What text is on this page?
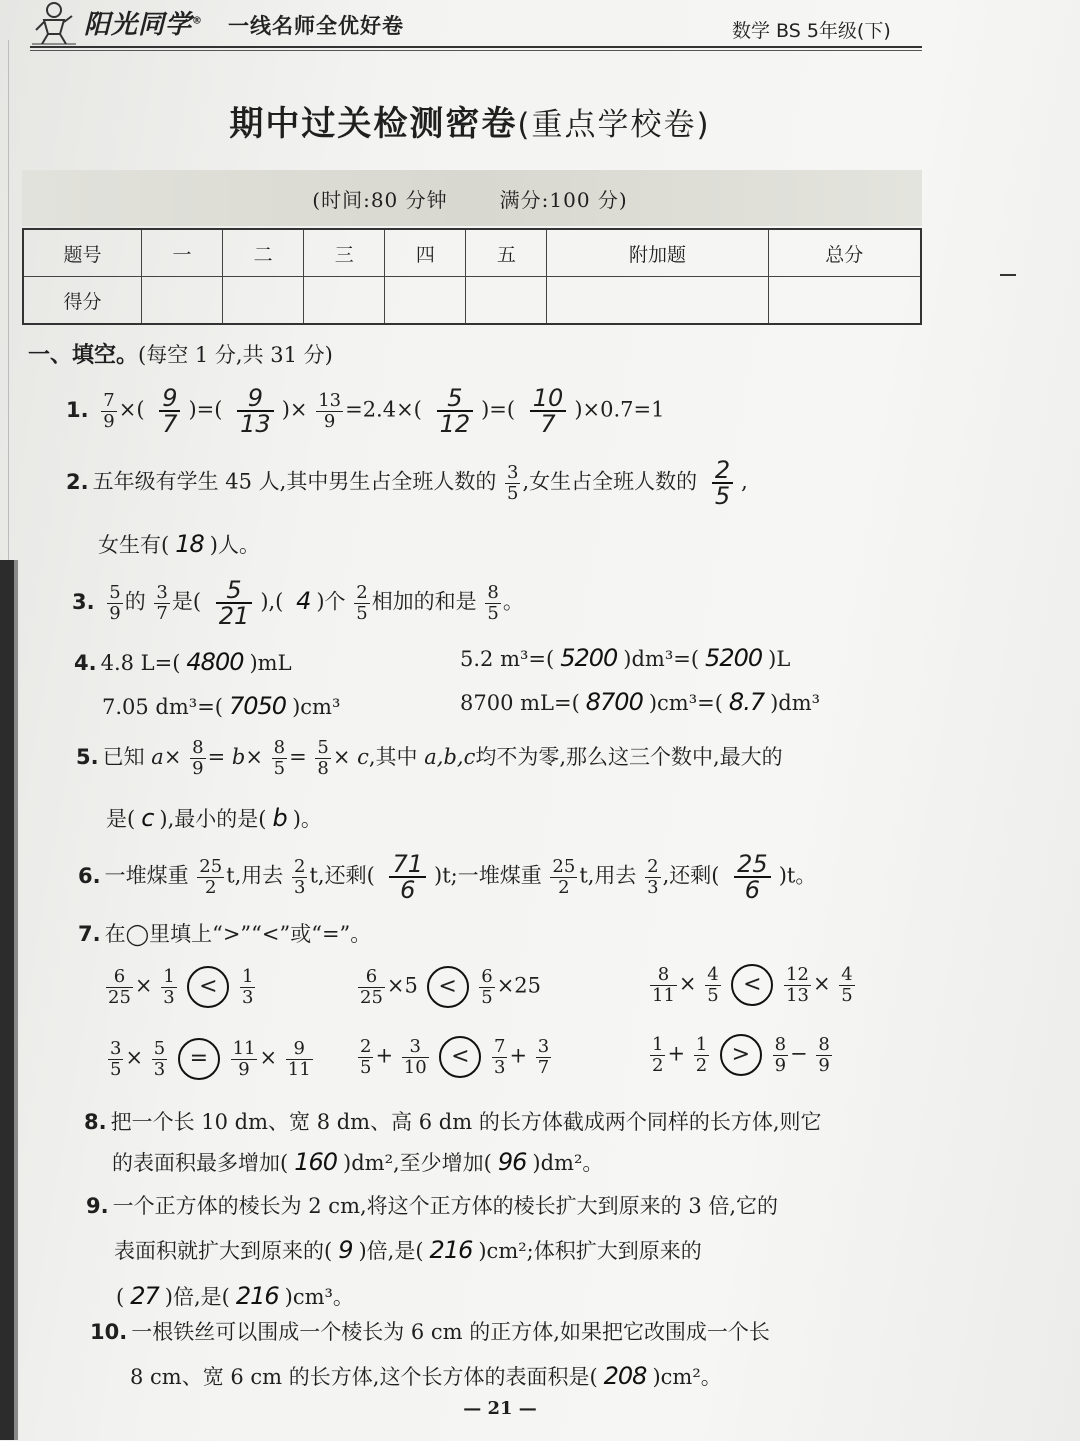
阳光同学® 一线名师全优好卷	数学 BS 5年级(下)
期中过关检测密卷(重点学校卷)
(时间:80 分钟	满分:100 分)
题号	一	二	三	四	五	附加题	总分
得分							
一、填空。(每空 1 分,共 31 分)
1. $\frac{7}{9}$ ×( $\frac{9}{7}$ )=( $\frac{9}{13}$ )× $\frac{13}{9} =2.4\times( \frac{5}{12}$ )=( $\frac{10}{7} )\times 0.7=1$
2. 五年级有学生 45 人,其中男生占全班人数的 $\frac{3}{5}$ ,女生占全班人数的 $\frac{2}{5}$ ,
女生有( 18 )人。
3. $\frac{5}{9}$ 的 $\frac{3}{7}$ 是( $\frac{5}{21}$ ),( 4 )个 $\frac{2}{5}$ 相加的和是 $\frac{8}{5}$ 。
4. 4.8 L=( 4800 )mL	5.2 m³=( 5200 )dm³=( 5200 )L
7.05 dm³=( 7050 )cm³	8700 mL=( 8700 )cm³=( 8.7 )dm³
5. 已知 $a\times \frac{8}{9} = b\times \frac{8}{5} = \frac{5}{8} \times c$,其中 a,b,c均不为零,那么这三个数中,最大的
是( c ),最小的是( b )。
6. 一堆煤重 $\frac{25}{2} t$,用去 $\frac{2}{3} t$,还剩( $\frac{71}{6} )t$;一堆煤重 $\frac{25}{2} t$,用去 $\frac{2}{3}$ ,还剩( $\frac{25}{6} )t$。
7. 在◯里填上“>”“<”或“=”。
$\frac{6}{25} \times \frac{1}{3} < \frac{1}{3}$	$\frac{6}{25} \times 5 < \frac{6}{5} \times 25$	$\frac{8}{11} \times \frac{4}{5} < \frac{12}{13} \times \frac{4}{5}$
$\frac{3}{5} \times \frac{5}{3} = \frac{11}{9} \times \frac{9}{11}$	$\frac{2}{5} + \frac{3}{10} < \frac{7}{3} + \frac{3}{7}$	$\frac{1}{2} + \frac{1}{2} > \frac{8}{9} - \frac{8}{9}$
8. 把一个长 10 dm、宽 8 dm、高 6 dm 的长方体截成两个同样的长方体,则它
的表面积最多增加( 160 )dm²,至少增加( 96 )dm²。
9. 一个正方体的棱长为 2 cm,将这个正方体的棱长扩大到原来的 3 倍,它的
表面积就扩大到原来的( 9 )倍,是( 216 )cm²;体积扩大到原来的
( 27 )倍,是( 216 )cm³。
10. 一根铁丝可以围成一个棱长为 6 cm 的正方体,如果把它改围成一个长
8 cm、宽 6 cm 的长方体,这个长方体的表面积是( 208 )cm²。
— 21 —
